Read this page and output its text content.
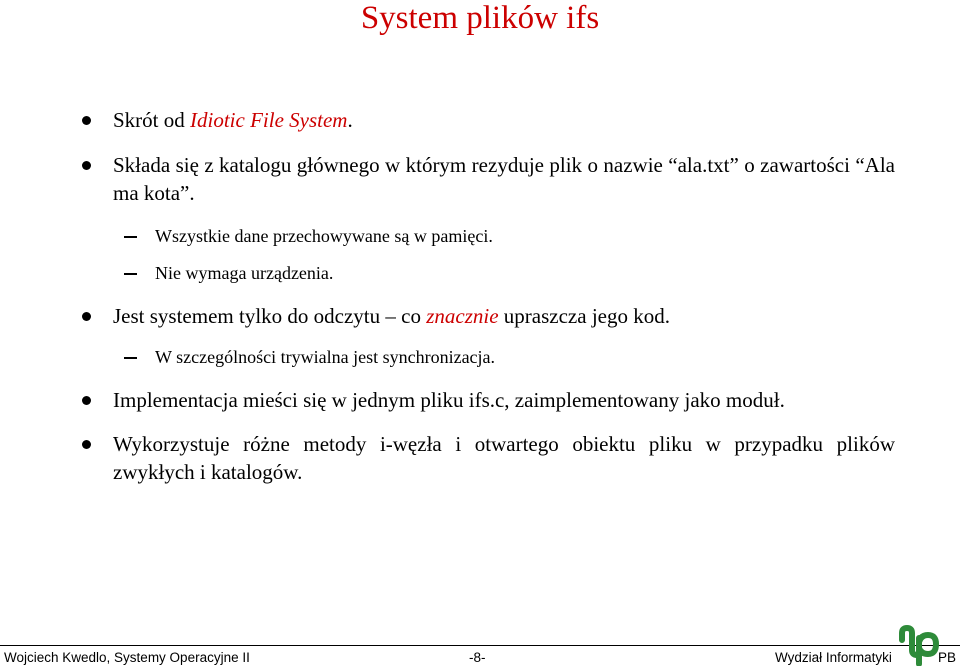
System plików ifs
Skrót od Idiotic File System.
Składa się z katalogu głównego w którym rezyduje plik o nazwie “ala.txt” o zawartości “Ala ma kota”.
Wszystkie dane przechowywane są w pamięci.
Nie wymaga urządzenia.
Jest systemem tylko do odczytu – co znacznie upraszcza jego kod.
W szczególności trywialna jest synchronizacja.
Implementacja mieści się w jednym pliku ifs.c, zaimplementowany jako moduł.
Wykorzystuje różne metody i-węzła i otwartego obiektu pliku w przypadku plików zwykłych i katalogów.
Wojciech Kwedlo, Systemy Operacyjne II	-8-	Wydział Informatyki	PB
